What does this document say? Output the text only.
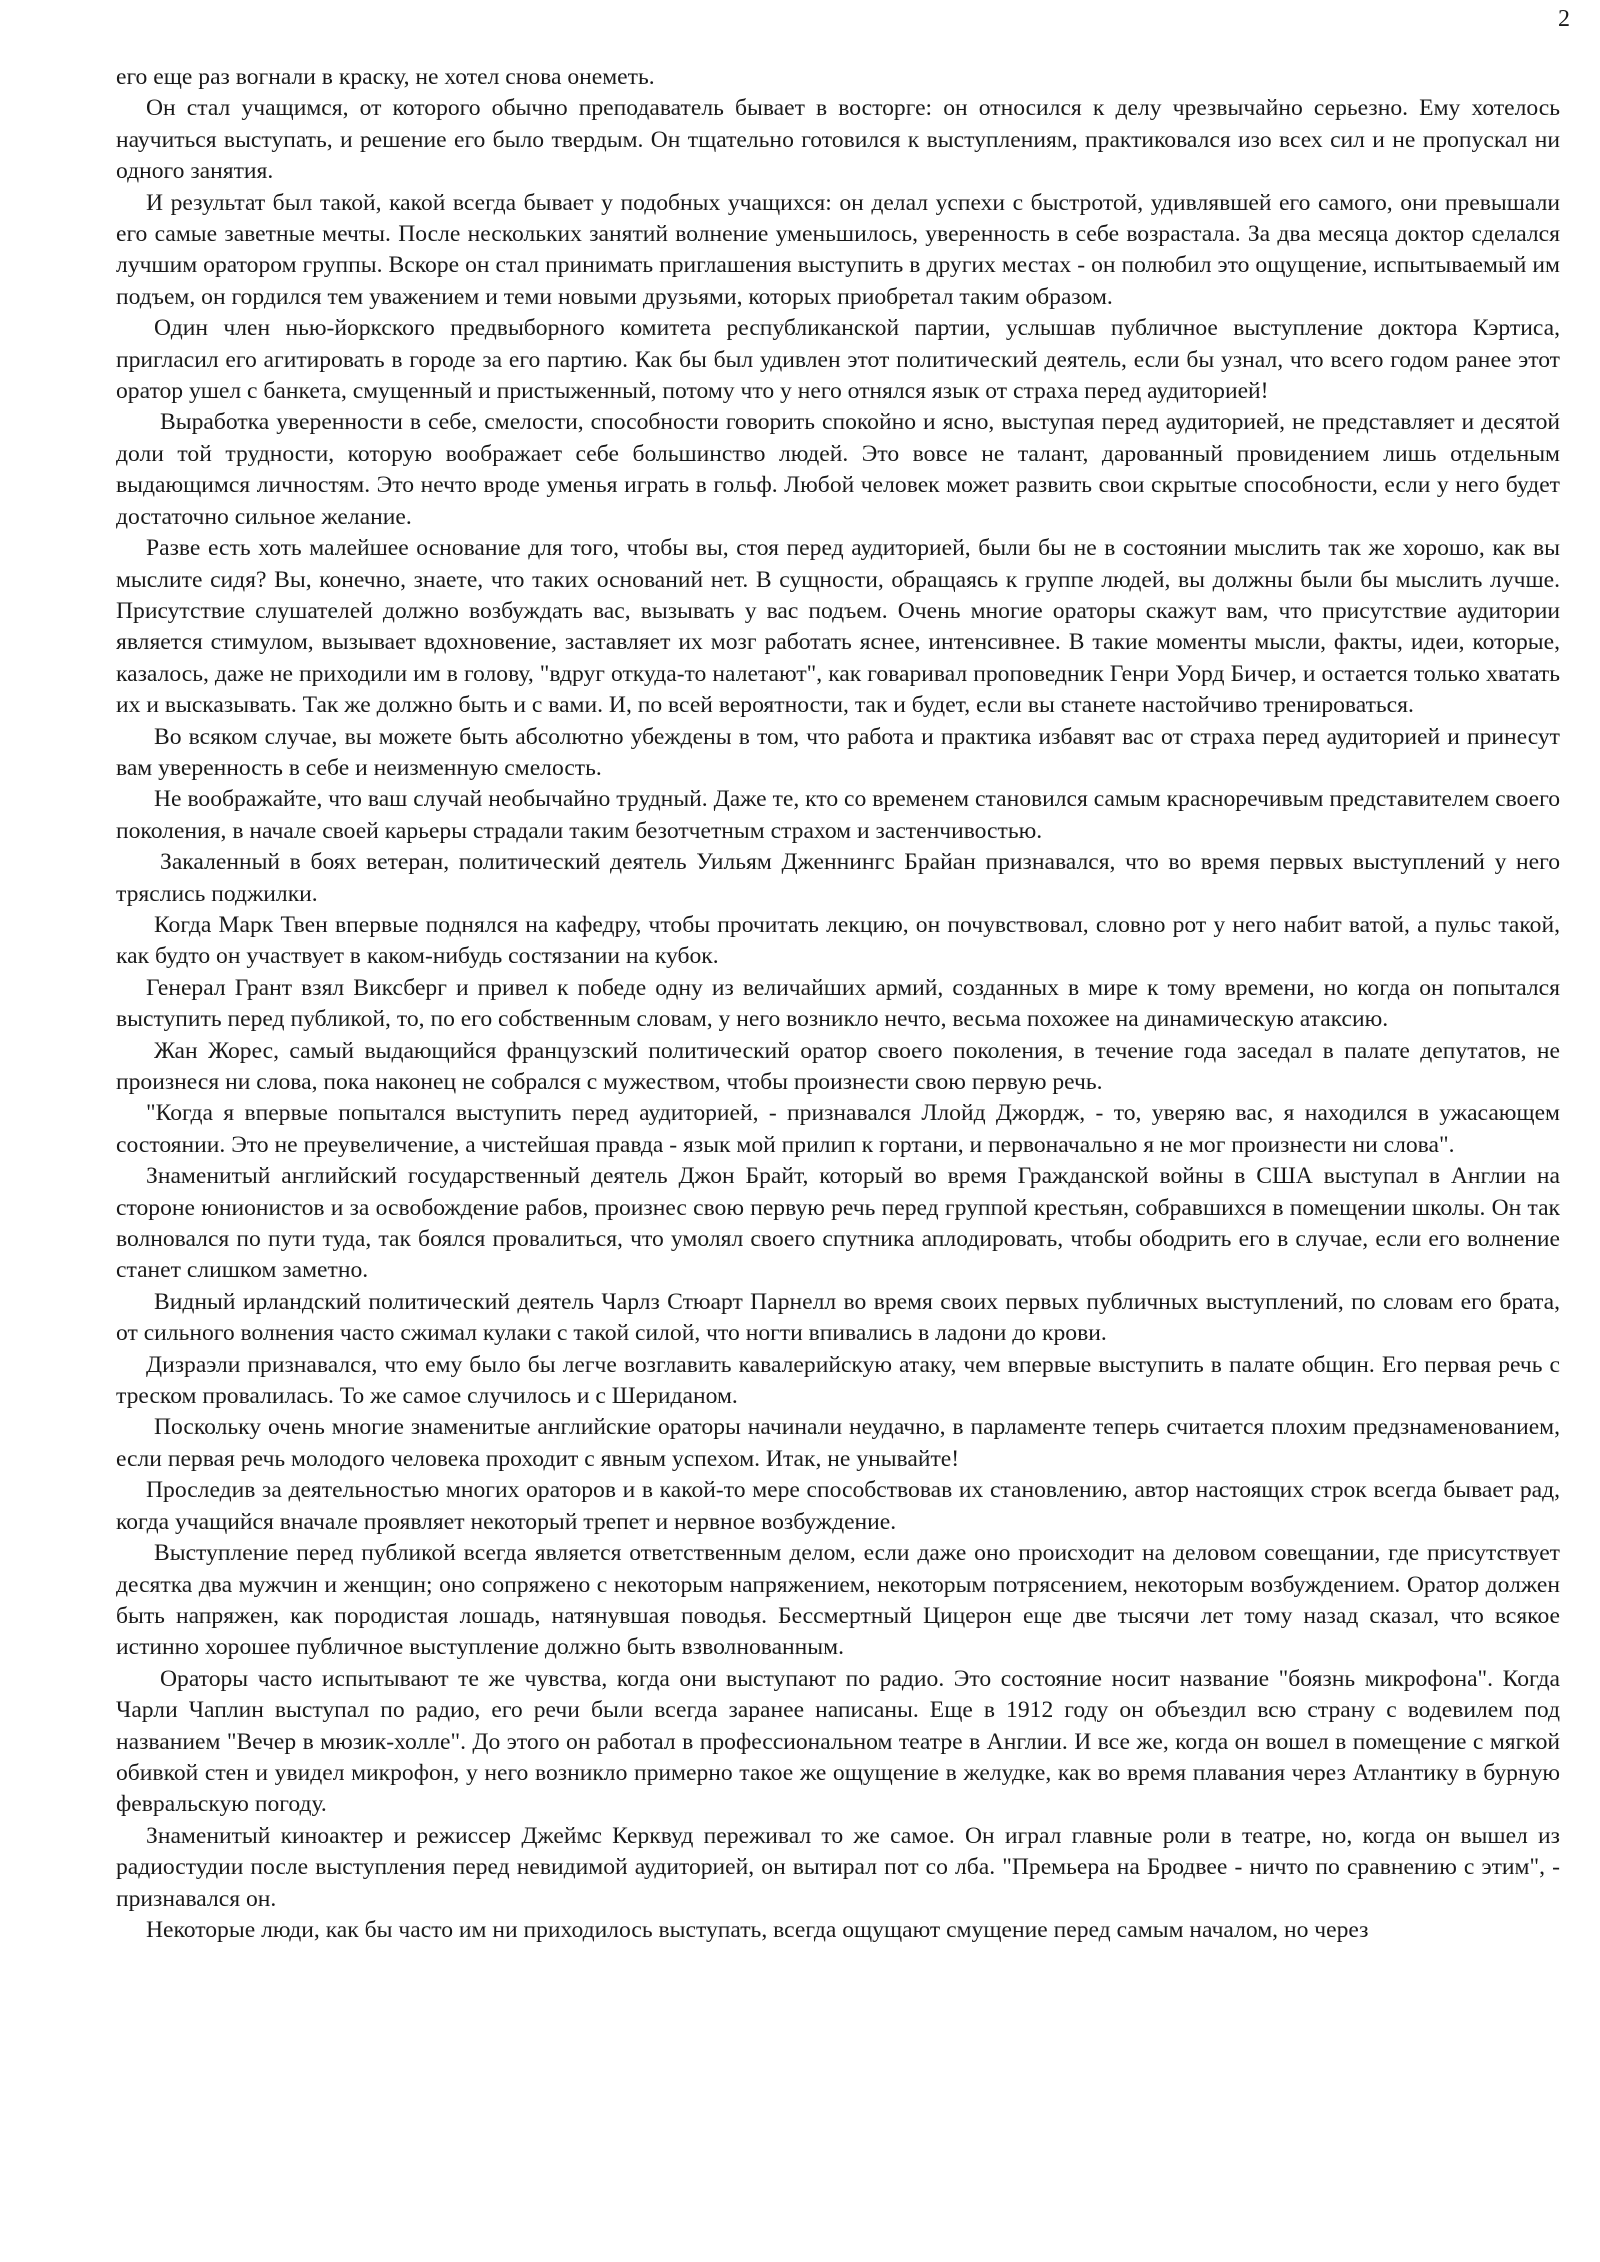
2

его еще раз вогнали в краску, не хотел снова онеметь.

Он стал учащимся, от которого обычно преподаватель бывает в восторге: он относился к делу чрезвычайно серьезно. Ему хотелось научиться выступать, и решение его было твердым. Он тщательно готовился к выступлениям, практиковался изо всех сил и не пропускал ни одного занятия.

И результат был такой, какой всегда бывает у подобных учащихся: он делал успехи с быстротой, удивлявшей его самого, они превышали его самые заветные мечты. После нескольких занятий волнение уменьшилось, уверенность в себе возрастала. За два месяца доктор сделался лучшим оратором группы. Вскоре он стал принимать приглашения выступить в других местах - он полюбил это ощущение, испытываемый им подъем, он гордился тем уважением и теми новыми друзьями, которых приобретал таким образом.

Один член нью-йоркского предвыборного комитета республиканской партии, услышав публичное выступление доктора Кэртиса, пригласил его агитировать в городе за его партию. Как бы был удивлен этот политический деятель, если бы узнал, что всего годом ранее этот оратор ушел с банкета, смущенный и пристыженный, потому что у него отнялся язык от страха перед аудиторией!

Выработка уверенности в себе, смелости, способности говорить спокойно и ясно, выступая перед аудиторией, не представляет и десятой доли той трудности, которую воображает себе большинство людей. Это вовсе не талант, дарованный провидением лишь отдельным выдающимся личностям. Это нечто вроде уменья играть в гольф. Любой человек может развить свои скрытые способности, если у него будет достаточно сильное желание.

Разве есть хоть малейшее основание для того, чтобы вы, стоя перед аудиторией, были бы не в состоянии мыслить так же хорошо, как вы мыслите сидя? Вы, конечно, знаете, что таких оснований нет. В сущности, обращаясь к группе людей, вы должны были бы мыслить лучше. Присутствие слушателей должно возбуждать вас, вызывать у вас подъем. Очень многие ораторы скажут вам, что присутствие аудитории является стимулом, вызывает вдохновение, заставляет их мозг работать яснее, интенсивнее. В такие моменты мысли, факты, идеи, которые, казалось, даже не приходили им в голову, "вдруг откуда-то налетают", как говаривал проповедник Генри Уорд Бичер, и остается только хватать их и высказывать. Так же должно быть и с вами. И, по всей вероятности, так и будет, если вы станете настойчиво тренироваться.

Во всяком случае, вы можете быть абсолютно убеждены в том, что работа и практика избавят вас от страха перед аудиторией и принесут вам уверенность в себе и неизменную смелость.

Не воображайте, что ваш случай необычайно трудный. Даже те, кто со временем становился самым красноречивым представителем своего поколения, в начале своей карьеры страдали таким безотчетным страхом и застенчивостью.

Закаленный в боях ветеран, политический деятель Уильям Дженнингс Брайан признавался, что во время первых выступлений у него тряслись поджилки.

Когда Марк Твен впервые поднялся на кафедру, чтобы прочитать лекцию, он почувствовал, словно рот у него набит ватой, а пульс такой, как будто он участвует в каком-нибудь состязании на кубок.

Генерал Грант взял Виксберг и привел к победе одну из величайших армий, созданных в мире к тому времени, но когда он попытался выступить перед публикой, то, по его собственным словам, у него возникло нечто, весьма похожее на динамическую атаксию.

Жан Жорес, самый выдающийся французский политический оратор своего поколения, в течение года заседал в палате депутатов, не произнеся ни слова, пока наконец не собрался с мужеством, чтобы произнести свою первую речь.

"Когда я впервые попытался выступить перед аудиторией, - признавался Ллойд Джордж, - то, уверяю вас, я находился в ужасающем состоянии. Это не преувеличение, а чистейшая правда - язык мой прилип к гортани, и первоначально я не мог произнести ни слова".

Знаменитый английский государственный деятель Джон Брайт, который во время Гражданской войны в США выступал в Англии на стороне юнионистов и за освобождение рабов, произнес свою первую речь перед группой крестьян, собравшихся в помещении школы. Он так волновался по пути туда, так боялся провалиться, что умолял своего спутника аплодировать, чтобы ободрить его в случае, если его волнение станет слишком заметно.

Видный ирландский политический деятель Чарлз Стюарт Парнелл во время своих первых публичных выступлений, по словам его брата, от сильного волнения часто сжимал кулаки с такой силой, что ногти впивались в ладони до крови.

Дизраэли признавался, что ему было бы легче возглавить кавалерийскую атаку, чем впервые выступить в палате общин. Его первая речь с треском провалилась. То же самое случилось и с Шериданом.

Поскольку очень многие знаменитые английские ораторы начинали неудачно, в парламенте теперь считается плохим предзнаменованием, если первая речь молодого человека проходит с явным успехом. Итак, не унывайте!

Проследив за деятельностью многих ораторов и в какой-то мере способствовав их становлению, автор настоящих строк всегда бывает рад, когда учащийся вначале проявляет некоторый трепет и нервное возбуждение.

Выступление перед публикой всегда является ответственным делом, если даже оно происходит на деловом совещании, где присутствует десятка два мужчин и женщин; оно сопряжено с некоторым напряжением, некоторым потрясением, некоторым возбуждением. Оратор должен быть напряжен, как породистая лошадь, натянувшая поводья. Бессмертный Цицерон еще две тысячи лет тому назад сказал, что всякое истинно хорошее публичное выступление должно быть взволнованным.

Ораторы часто испытывают те же чувства, когда они выступают по радио. Это состояние носит название "боязнь микрофона". Когда Чарли Чаплин выступал по радио, его речи были всегда заранее написаны. Еще в 1912 году он объездил всю страну с водевилем под названием "Вечер в мюзик-холле". До этого он работал в профессиональном театре в Англии. И все же, когда он вошел в помещение с мягкой обивкой стен и увидел микрофон, у него возникло примерно такое же ощущение в желудке, как во время плавания через Атлантику в бурную февральскую погоду.

Знаменитый киноактер и режиссер Джеймс Керквуд переживал то же самое. Он играл главные роли в театре, но, когда он вышел из радиостудии после выступления перед невидимой аудиторией, он вытирал пот со лба. "Премьера на Бродвее - ничто по сравнению с этим", - признавался он.

Некоторые люди, как бы часто им ни приходилось выступать, всегда ощущают смущение перед самым началом, но через
